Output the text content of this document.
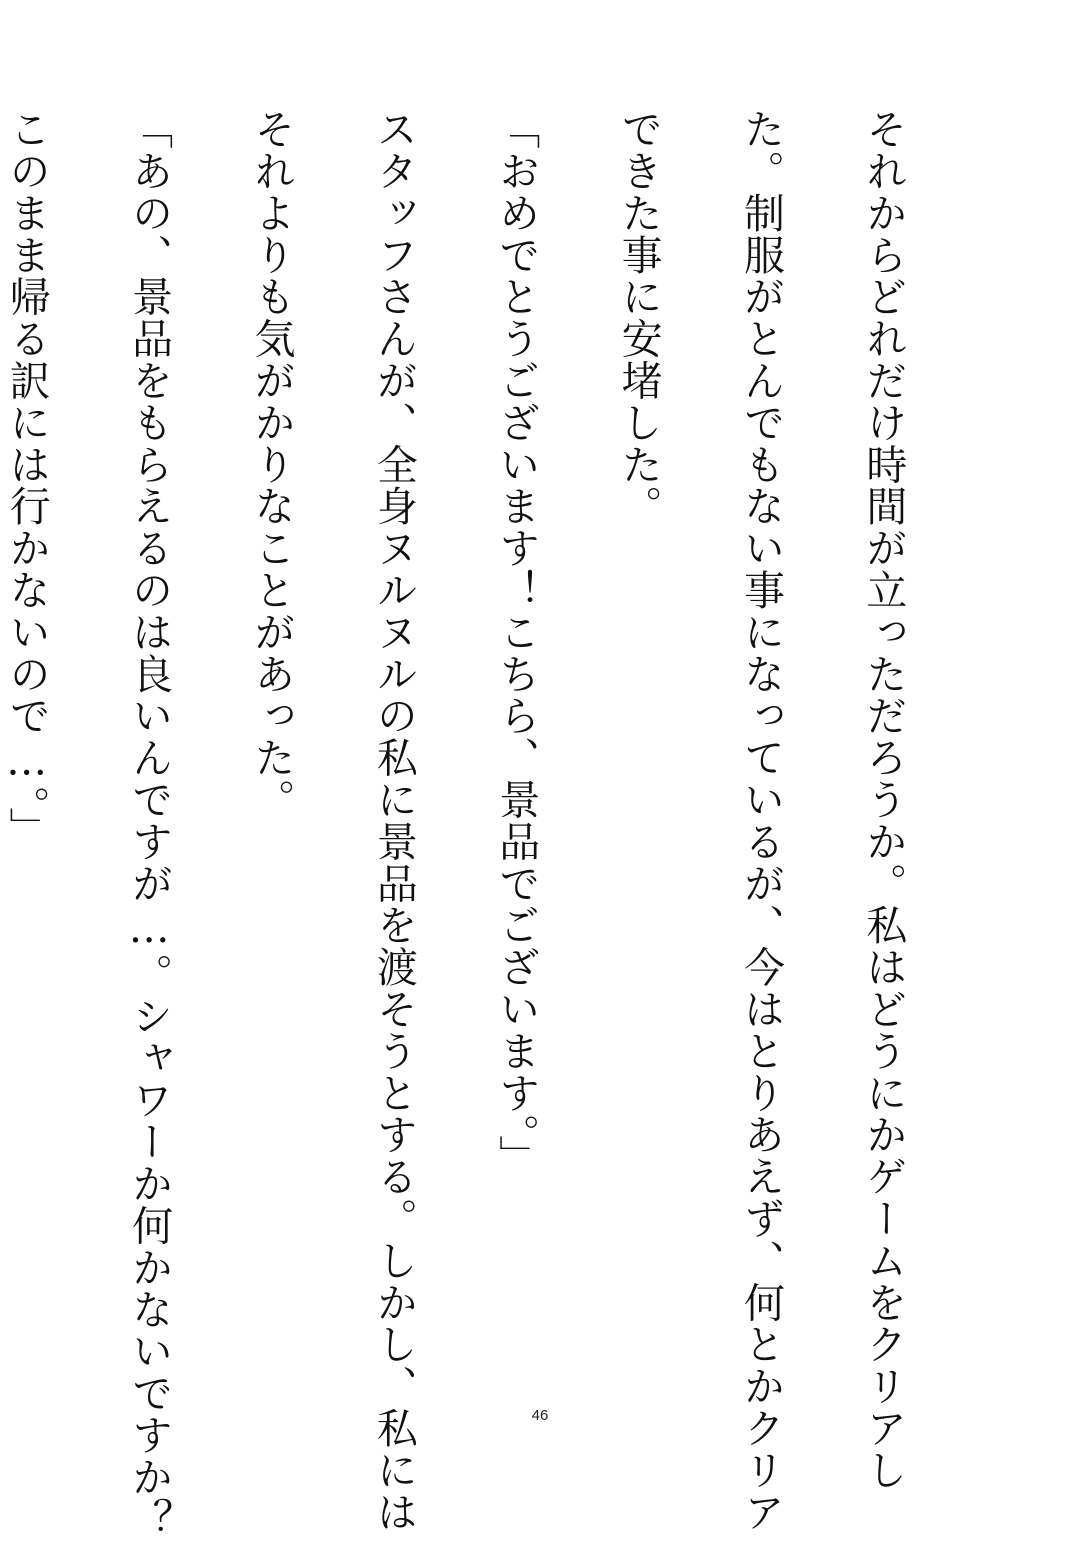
それからどれだけ時間が立っただろうか。私はどうにかゲームをクリアし

た。制服がとんでもない事になっているが、今はとりあえず、何とかクリア

できた事に安堵した。

「おめでとうございます！こちら、景品でございます。」

スタッフさんが、全身ヌルヌルの私に景品を渡そうとする。しかし、私には

それよりも気がかりなことがあった。

「あの、景品をもらえるのは良いんですが…。シャワーか何かないですか？

このまま帰る訳には行かないので…。」

46
